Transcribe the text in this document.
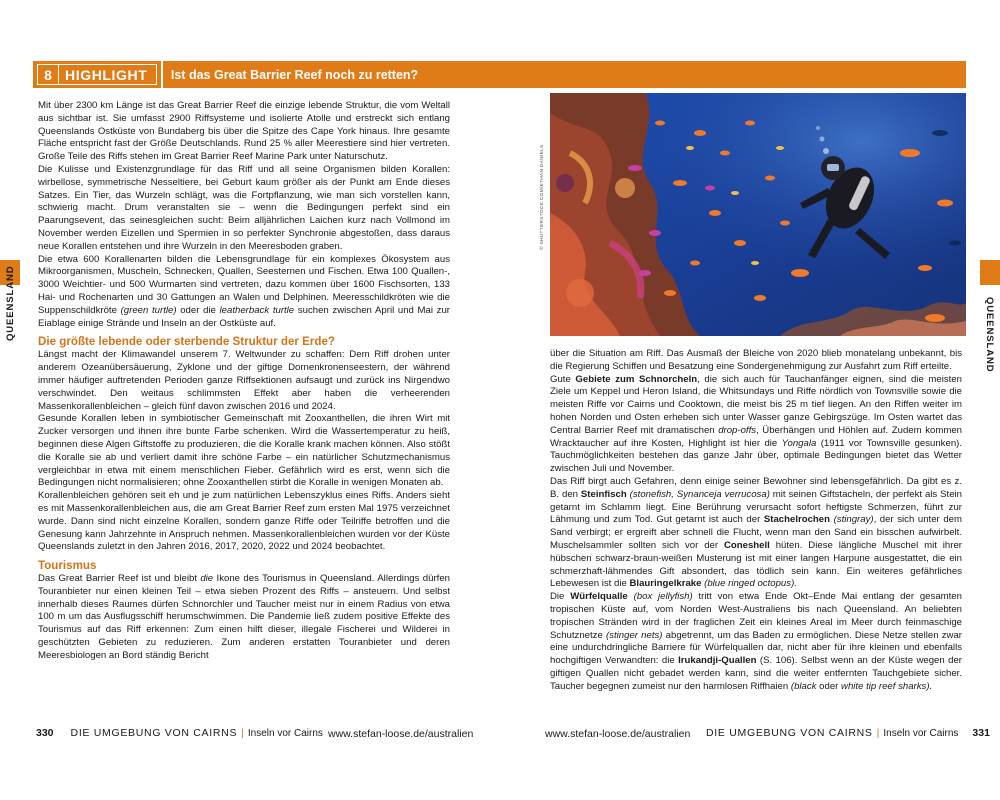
8 HIGHLIGHT Ist das Great Barrier Reef noch zu retten?

Mit über 2300 km Länge ist das Great Barrier Reef die einzige lebende Struktur, die vom Weltall aus sichtbar ist. Sie umfasst 2900 Riffsysteme und isolierte Atolle und erstreckt sich entlang Queenslands Ostküste von Bundaberg bis über die Spitze des Cape York hinaus. Ihre gesamte Fläche entspricht fast der Größe Deutschlands. Rund 25 % aller Meerestiere sind hier vertreten. Große Teile des Riffs stehen im Great Barrier Reef Marine Park unter Naturschutz.

Die Kulisse und Existenzgrundlage für das Riff und all seine Organismen bilden Korallen: wirbellose, symmetrische Nesseltiere, bei Geburt kaum größer als der Punkt am Ende dieses Satzes. Ein Tier, das Wurzeln schlägt, was die Fortpflanzung, wie man sich vorstellen kann, schwierig macht. Drum veranstalten sie – wenn die Bedingungen perfekt sind ein Paarungsevent, das seinesgleichen sucht: Beim alljährlichen Laichen kurz nach Vollmond im November werden Eizellen und Spermien in so perfekter Synchronie abgestoßen, dass daraus neue Korallen entstehen und ihre Wurzeln in den Meeresboden graben.

Die etwa 600 Korallenarten bilden die Lebensgrundlage für ein komplexes Ökosystem aus Mikroorganismen, Muscheln, Schnecken, Quallen, Seesternen und Fischen. Etwa 100 Quallen-, 3000 Weichtier- und 500 Wurmarten sind vertreten, dazu kommen über 1600 Fischsorten, 133 Hai- und Rochenarten und 30 Gattungen an Walen und Delphinen. Meeresschildkröten wie die Suppenschildkröte (green turtle) oder die leatherback turtle suchen zwischen April und Mai zur Eiablage einige Strände und Inseln an der Ostküste auf.

Die größte lebende oder sterbende Struktur der Erde?

Längst macht der Klimawandel unserem 7. Weltwunder zu schaffen: Dem Riff drohen unter anderem Ozeanübersäuerung, Zyklone und der giftige Dornenkronenseestern, der während immer häufiger auftretenden Perioden ganze Riffsektionen aufsaugt und zurück ins Nirgendwo verschwindet. Den weitaus schlimmsten Effekt aber haben die verheerenden Massenkorallenbleichen – gleich fünf davon zwischen 2016 und 2024.

Gesunde Korallen leben in symbiotischer Gemeinschaft mit Zooxanthellen, die ihren Wirt mit Zucker versorgen und ihnen ihre bunte Farbe schenken. Wird die Wassertemperatur zu heiß, beginnen diese Algen Giftstoffe zu produzieren, die die Koralle krank machen können. Also stößt die Koralle sie ab und verliert damit ihre schöne Farbe – ein natürlicher Schutzmechanismus vergleichbar in etwa mit einem menschlichen Fieber. Gefährlich wird es erst, wenn sich die Bedingungen nicht normalisieren; ohne Zooxanthellen stirbt die Koralle in wenigen Monaten ab.

Korallenbleichen gehören seit eh und je zum natürlichen Lebenszyklus eines Riffs. Anders sieht es mit Massenkorallenbleichen aus, die am Great Barrier Reef zum ersten Mal 1975 verzeichnet wurde. Dann sind nicht einzelne Korallen, sondern ganze Riffe oder Teilriffe betroffen und die Genesung kann Jahrzehnte in Anspruch nehmen. Massenkorallenbleichen wurden vor der Küste Queenslands zuletzt in den Jahren 2016, 2017, 2020, 2022 und 2024 beobachtet.

Tourismus

Das Great Barrier Reef ist und bleibt die Ikone des Tourismus in Queensland. Allerdings dürfen Touranbieter nur einen kleinen Teil – etwa sieben Prozent des Riffs – ansteuern. Und selbst innerhalb dieses Raumes dürfen Schnorchler und Taucher meist nur in einem Radius von etwa 100 m um das Ausflugsschiff herumschwimmen. Die Pandemie ließ zudem positive Effekte des Tourismus auf das Riff erkennen: Zum einen hilft dieser, illegale Fischerei und Wilderei in geschützten Gebieten zu reduzieren. Zum anderen erstatten Touranbieter und deren Meeresbiologen an Bord ständig Bericht

© SHUTTERSTOCK.COM/ETHAN DANIELS

über die Situation am Riff. Das Ausmaß der Bleiche von 2020 blieb monatelang unbekannt, bis die Regierung Schiffen und Besatzung eine Sondergenehmigung zur Ausfahrt zum Riff erteilte.

Gute Gebiete zum Schnorcheln, die sich auch für Tauchanfänger eignen, sind die meisten Ziele um Keppel und Heron Island, die Whitsundays und Riffe nördlich von Townsville sowie die meisten Riffe vor Cairns und Cooktown, die meist bis 25 m tief liegen. An den Riffen weiter im hohen Norden und Osten erheben sich unter Wasser ganze Gebirgszüge. Im Osten wartet das Central Barrier Reef mit dramatischen drop-offs, Überhängen und Höhlen auf. Zudem kommen Wracktaucher auf ihre Kosten, Highlight ist hier die Yongala (1911 vor Townsville gesunken). Tauchmöglichkeiten bestehen das ganze Jahr über, optimale Bedingungen bietet das Wetter zwischen Juli und November.

Das Riff birgt auch Gefahren, denn einige seiner Bewohner sind lebensgefährlich. Da gibt es z. B. den Steinfisch (stonefish, Synanceja verrucosa) mit seinen Giftstacheln, der perfekt als Stein getarnt im Schlamm liegt. Eine Berührung verursacht sofort heftigste Schmerzen, führt zur Lähmung und zum Tod. Gut getarnt ist auch der Stachelrochen (stingray), der sich unter dem Sand verbirgt; er ergreift aber schnell die Flucht, wenn man den Sand ein bisschen aufwirbelt. Muschelsammler sollten sich vor der Coneshell hüten. Diese längliche Muschel mit ihrer hübschen schwarz-braun-weißen Musterung ist mit einer langen Harpune ausgestattet, die ein schmerzhaft-lähmendes Gift absondert, das tödlich sein kann. Ein weiteres gefährliches Lebewesen ist die Blauringelkrake (blue ringed octopus).

Die Würfelqualle (box jellyfish) tritt von etwa Ende Okt–Ende Mai entlang der gesamten tropischen Küste auf, vom Norden West-Australiens bis nach Queensland. An beliebten tropischen Stränden wird in der fraglichen Zeit ein kleines Areal im Meer durch feinmaschige Schutznetze (stinger nets) abgetrennt, um das Baden zu ermöglichen. Diese Netze stellen zwar eine undurchdringliche Barriere für Würfelquallen dar, nicht aber für ihre kleinen und ebenfalls hochgiftigen Verwandten: die Irukandji-Quallen (S. 106). Selbst wenn an der Küste wegen der giftigen Quallen nicht gebadet werden kann, sind die weiter entfernten Tauchgebiete sicher. Taucher begegnen zumeist nur den harmlosen Riffhaien (black oder white tip reef sharks).

QUEENSLAND	QUEENSLAND
330 DIE UMGEBUNG VON CAIRNS | Inseln vor Cairns www.stefan-loose.de/australien	www.stefan-loose.de/australien DIE UMGEBUNG VON CAIRNS | Inseln vor Cairns 331
